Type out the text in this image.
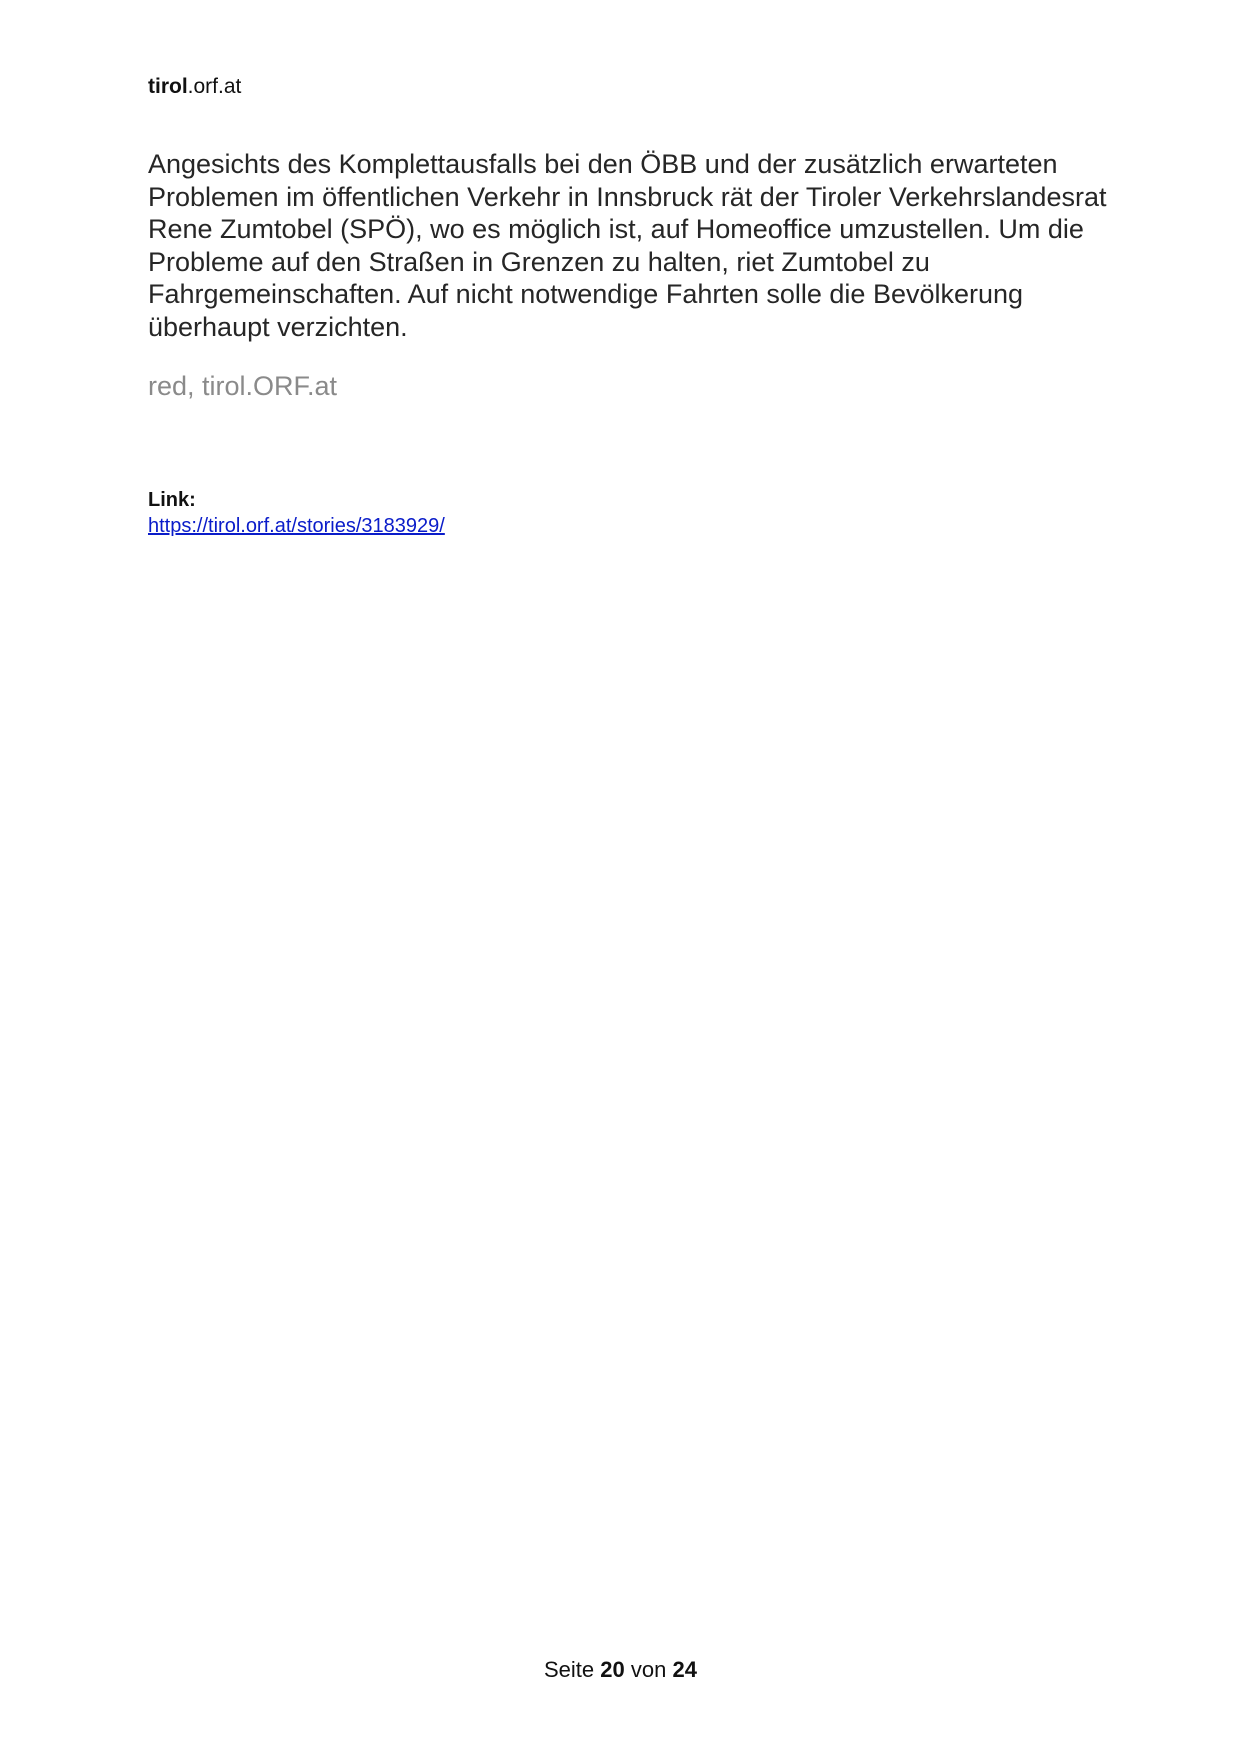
tirol.orf.at

Angesichts des Komplettausfalls bei den ÖBB und der zusätzlich erwarteten Problemen im öffentlichen Verkehr in Innsbruck rät der Tiroler Verkehrslandesrat Rene Zumtobel (SPÖ), wo es möglich ist, auf Homeoffice umzustellen. Um die Probleme auf den Straßen in Grenzen zu halten, riet Zumtobel zu Fahrgemeinschaften. Auf nicht notwendige Fahrten solle die Bevölkerung überhaupt verzichten.

red, tirol.ORF.at
Link:
https://tirol.orf.at/stories/3183929/
Seite 20 von 24
